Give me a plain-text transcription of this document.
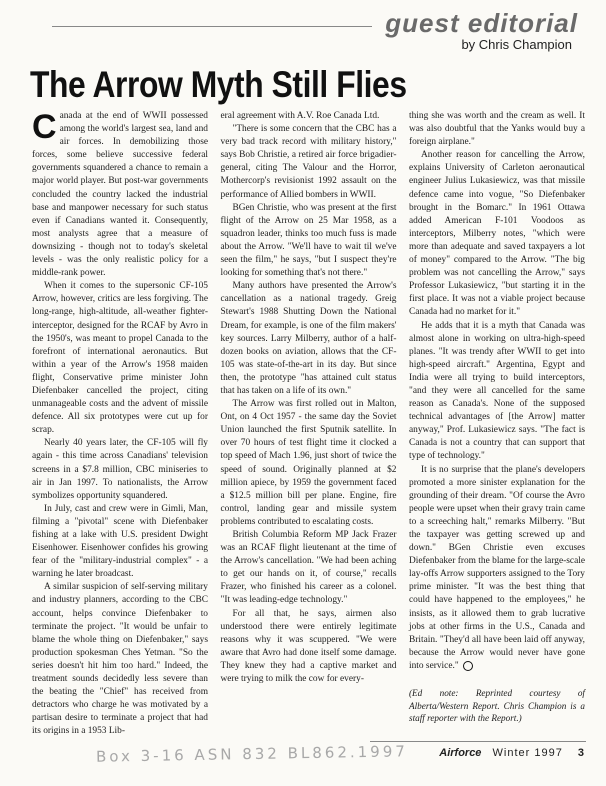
guest editorial
by Chris Champion
The Arrow Myth Still Flies

Canada at the end of WWII possessed among the world's largest sea, land and air forces. In demobilizing those forces, some believe successive federal governments squandered a chance to remain a major world player. But post-war governments concluded the country lacked the industrial base and manpower necessary for such status even if Canadians wanted it. Consequently, most analysts agree that a measure of downsizing - though not to today's skeletal levels - was the only realistic policy for a middle-rank power.

When it comes to the supersonic CF-105 Arrow, however, critics are less forgiving. The long-range, high-altitude, all-weather fighter-interceptor, designed for the RCAF by Avro in the 1950's, was meant to propel Canada to the forefront of international aeronautics. But within a year of the Arrow's 1958 maiden flight, Conservative prime minister John Diefenbaker cancelled the project, citing unmanageable costs and the advent of missile defence. All six prototypes were cut up for scrap.

Nearly 40 years later, the CF-105 will fly again - this time across Canadians' television screens in a $7.8 million, CBC miniseries to air in Jan 1997. To nationalists, the Arrow symbolizes opportunity squandered.

In July, cast and crew were in Gimli, Man, filming a "pivotal" scene with Diefenbaker fishing at a lake with U.S. president Dwight Eisenhower. Eisenhower confides his growing fear of the "military-industrial complex" - a warning he later broadcast.

A similar suspicion of self-serving military and industry planners, according to the CBC account, helps convince Diefenbaker to terminate the project. "It would be unfair to blame the whole thing on Diefenbaker," says production spokesman Ches Yetman. "So the series doesn't hit him too hard." Indeed, the treatment sounds decidedly less severe than the beating the "Chief" has received from detractors who charge he was motivated by a partisan desire to terminate a project that had its origins in a 1953 Lib-

eral agreement with A.V. Roe Canada Ltd.

"There is some concern that the CBC has a very bad track record with military history," says Bob Christie, a retired air force brigadier-general, citing The Valour and the Horror, Mothercorp's revisionist 1992 assault on the performance of Allied bombers in WWII.

BGen Christie, who was present at the first flight of the Arrow on 25 Mar 1958, as a squadron leader, thinks too much fuss is made about the Arrow. "We'll have to wait til we've seen the film," he says, "but I suspect they're looking for something that's not there."

Many authors have presented the Arrow's cancellation as a national tragedy. Greig Stewart's 1988 Shutting Down the National Dream, for example, is one of the film makers' key sources. Larry Milberry, author of a half-dozen books on aviation, allows that the CF-105 was state-of-the-art in its day. But since then, the prototype "has attained cult status that has taken on a life of its own."

The Arrow was first rolled out in Malton, Ont, on 4 Oct 1957 - the same day the Soviet Union launched the first Sputnik satellite. In over 70 hours of test flight time it clocked a top speed of Mach 1.96, just short of twice the speed of sound. Originally planned at $2 million apiece, by 1959 the government faced a $12.5 million bill per plane. Engine, fire control, landing gear and missile system problems contributed to escalating costs.

British Columbia Reform MP Jack Frazer was an RCAF flight lieutenant at the time of the Arrow's cancellation. "We had been aching to get our hands on it, of course," recalls Frazer, who finished his career as a colonel. "It was leading-edge technology."

For all that, he says, airmen also understood there were entirely legitimate reasons why it was scuppered. "We were aware that Avro had done itself some damage. They knew they had a captive market and were trying to milk the cow for every-

thing she was worth and the cream as well. It was also doubtful that the Yanks would buy a foreign airplane."

Another reason for cancelling the Arrow, explains University of Carleton aeronautical engineer Julius Lukasiewicz, was that missile defence came into vogue, "So Diefenbaker brought in the Bomarc." In 1961 Ottawa added American F-101 Voodoos as interceptors, Milberry notes, "which were more than adequate and saved taxpayers a lot of money" compared to the Arrow. "The big problem was not cancelling the Arrow," says Professor Lukasiewicz, "but starting it in the first place. It was not a viable project because Canada had no market for it."

He adds that it is a myth that Canada was almost alone in working on ultra-high-speed planes. "It was trendy after WWII to get into high-speed aircraft." Argentina, Egypt and India were all trying to build interceptors, "and they were all cancelled for the same reason as Canada's. None of the supposed technical advantages of [the Arrow] matter anyway," Prof. Lukasiewicz says. "The fact is Canada is not a country that can support that type of technology."

It is no surprise that the plane's developers promoted a more sinister explanation for the grounding of their dream. "Of course the Avro people were upset when their gravy train came to a screeching halt," remarks Milberry. "But the taxpayer was getting screwed up and down." BGen Christie even excuses Diefenbaker from the blame for the large-scale lay-offs Arrow supporters assigned to the Tory prime minister. "It was the best thing that could have happened to the employees," he insists, as it allowed them to grab lucrative jobs at other firms in the U.S., Canada and Britain. "They'd all have been laid off anyway, because the Arrow would never have gone into service."

(Ed note: Reprinted courtesy of Alberta/Western Report. Chris Champion is a staff reporter with the Report.)
Box 3-16 ASN 832 BL862.1997	Airforce Winter 1997 3
